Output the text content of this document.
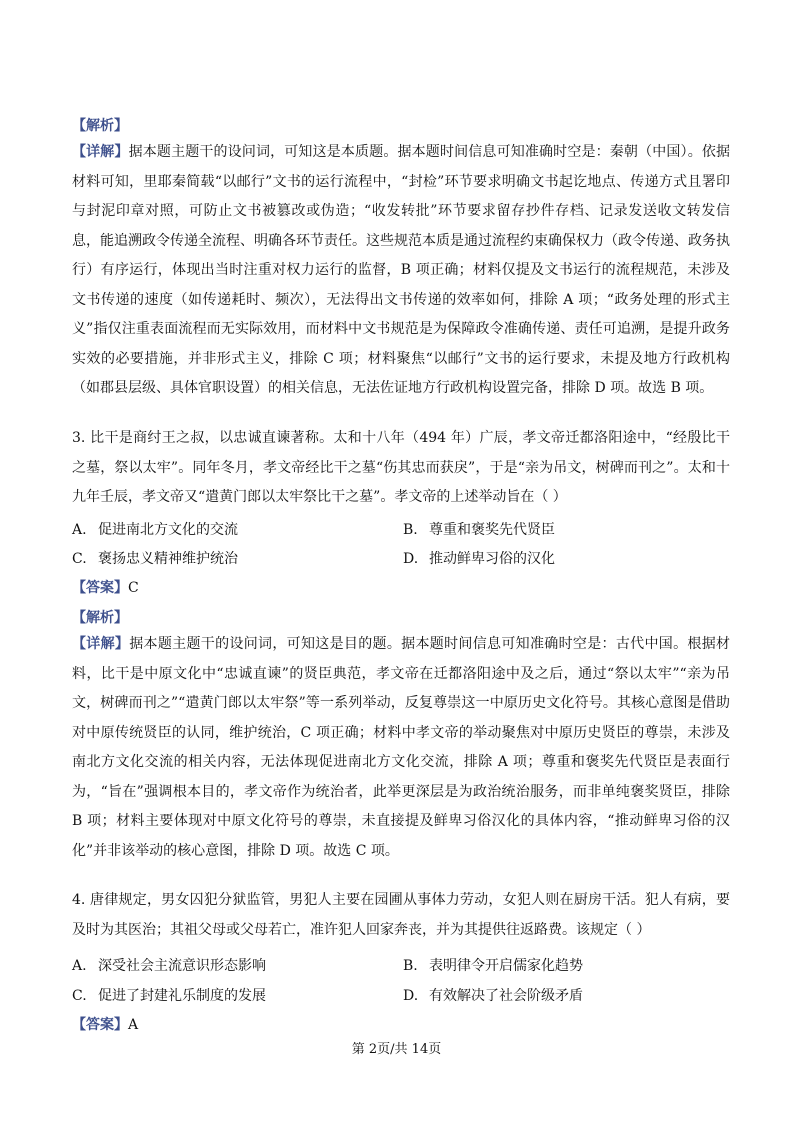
【解析】
【详解】据本题主题干的设问词，可知这是本质题。据本题时间信息可知准确时空是：秦朝（中国）。依据材料可知，里耶秦简载“以邮行”文书的运行流程中，“封检”环节要求明确文书起讫地点、传递方式且署印与封泥印章对照，可防止文书被篡改或伪造；“收发转批”环节要求留存抄件存档、记录发送收文转发信息，能追溯政令传递全流程、明确各环节责任。这些规范本质是通过流程约束确保权力（政令传递、政务执行）有序运行，体现出当时注重对权力运行的监督，B 项正确；材料仅提及文书运行的流程规范，未涉及文书传递的速度（如传递耗时、频次），无法得出文书传递的效率如何，排除 A 项；“政务处理的形式主义”指仅注重表面流程而无实际效用，而材料中文书规范是为保障政令准确传递、责任可追溯，是提升政务实效的必要措施，并非形式主义，排除 C 项；材料聚焦“以邮行”文书的运行要求，未提及地方行政机构（如郡县层级、具体官职设置）的相关信息，无法佐证地方行政机构设置完备，排除 D 项。故选 B 项。
3. 比干是商纣王之叔，以忠诚直谏著称。太和十八年（494 年）广辰，孝文帝迁都洛阳途中，“经殷比干之墓，祭以太牢”。同年冬月，孝文帝经比干之墓“伤其忠而获戾”，于是“亲为吊文，树碑而刊之”。太和十九年壬辰，孝文帝又“遣黄门郎以太牢祭比干之墓”。孝文帝的上述举动旨在（ ）
A. 促进南北方文化的交流	B. 尊重和褒奖先代贤臣
C. 褒扬忠义精神维护统治	D. 推动鲜卑习俗的汉化
【答案】C
【解析】
【详解】据本题主题干的设问词，可知这是目的题。据本题时间信息可知准确时空是：古代中国。根据材料，比干是中原文化中“忠诚直谏”的贤臣典范，孝文帝在迁都洛阳途中及之后，通过“祭以太牢”“亲为吊文，树碑而刊之”“遣黄门郎以太牢祭”等一系列举动，反复尊崇这一中原历史文化符号。其核心意图是借助对中原传统贤臣的认同，维护统治，C 项正确；材料中孝文帝的举动聚焦对中原历史贤臣的尊崇，未涉及南北方文化交流的相关内容，无法体现促进南北方文化交流，排除 A 项；尊重和褒奖先代贤臣是表面行为，“旨在”强调根本目的，孝文帝作为统治者，此举更深层是为政治统治服务，而非单纯褒奖贤臣，排除 B 项；材料主要体现对中原文化符号的尊崇，未直接提及鲜卑习俗汉化的具体内容，“推动鲜卑习俗的汉化”并非该举动的核心意图，排除 D 项。故选 C 项。
4. 唐律规定，男女囚犯分狱监管，男犯人主要在园圃从事体力劳动，女犯人则在厨房干活。犯人有病，要及时为其医治；其祖父母或父母若亡，准许犯人回家奔丧，并为其提供往返路费。该规定（ ）
A. 深受社会主流意识形态影响	B. 表明律令开启儒家化趋势
C. 促进了封建礼乐制度的发展	D. 有效解决了社会阶级矛盾
【答案】A
第 2页/共 14页
